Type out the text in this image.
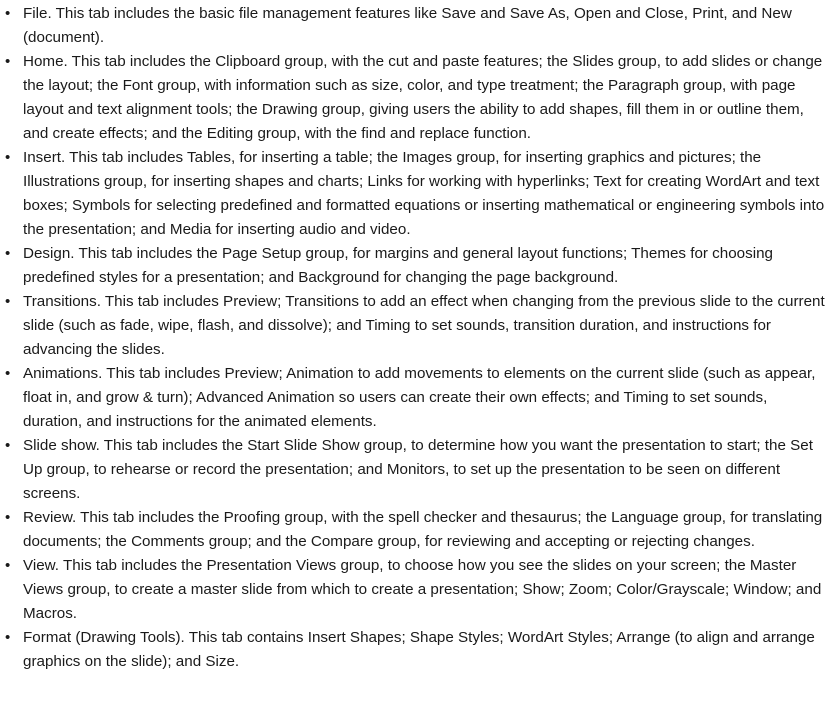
• File. This tab includes the basic file management features like Save and Save As, Open and Close, Print, and New (document).
• Home. This tab includes the Clipboard group, with the cut and paste features; the Slides group, to add slides or change the layout; the Font group, with information such as size, color, and type treatment; the Paragraph group, with page layout and text alignment tools; the Drawing group, giving users the ability to add shapes, fill them in or outline them, and create effects; and the Editing group, with the find and replace function.
• Insert. This tab includes Tables, for inserting a table; the Images group, for inserting graphics and pictures; the Illustrations group, for inserting shapes and charts; Links for working with hyperlinks; Text for creating WordArt and text boxes; Symbols for selecting predefined and formatted equations or inserting mathematical or engineering symbols into the presentation; and Media for inserting audio and video.
• Design. This tab includes the Page Setup group, for margins and general layout functions; Themes for choosing predefined styles for a presentation; and Background for changing the page background.
• Transitions. This tab includes Preview; Transitions to add an effect when changing from the previous slide to the current slide (such as fade, wipe, flash, and dissolve); and Timing to set sounds, transition duration, and instructions for advancing the slides.
• Animations. This tab includes Preview; Animation to add movements to elements on the current slide (such as appear, float in, and grow & turn); Advanced Animation so users can create their own effects; and Timing to set sounds, duration, and instructions for the animated elements.
• Slide show. This tab includes the Start Slide Show group, to determine how you want the presentation to start; the Set Up group, to rehearse or record the presentation; and Monitors, to set up the presentation to be seen on different screens.
• Review. This tab includes the Proofing group, with the spell checker and thesaurus; the Language group, for translating documents; the Comments group; and the Compare group, for reviewing and accepting or rejecting changes.
• View. This tab includes the Presentation Views group, to choose how you see the slides on your screen; the Master Views group, to create a master slide from which to create a presentation; Show; Zoom; Color/Grayscale; Window; and Macros.
• Format (Drawing Tools). This tab contains Insert Shapes; Shape Styles; WordArt Styles; Arrange (to align and arrange graphics on the slide); and Size.
